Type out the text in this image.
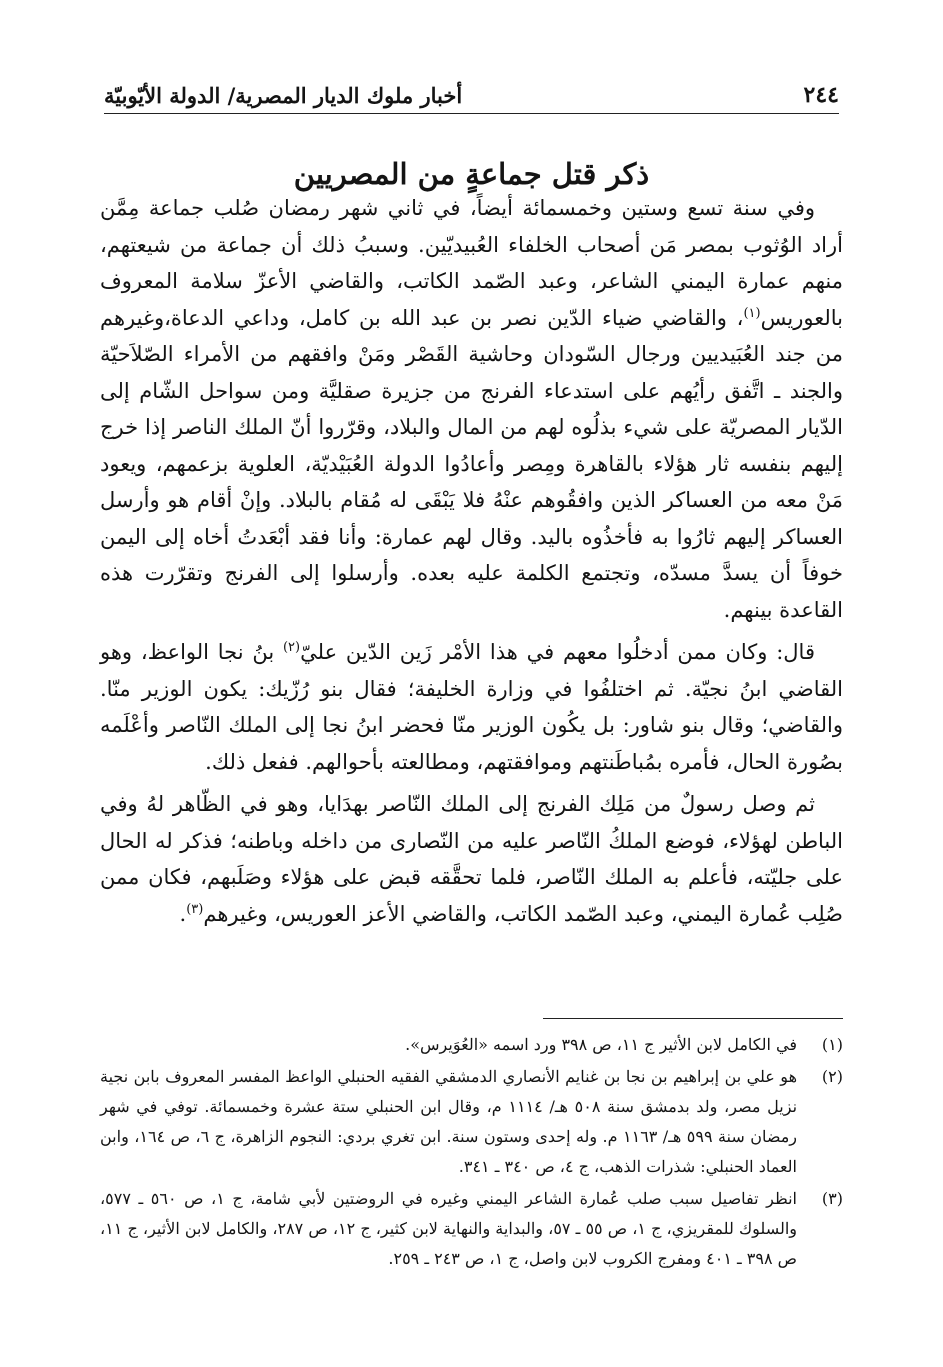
٢٤٤
أخبار ملوك الديار المصرية/ الدولة الأيّوبيّة
ذكر قتل جماعةٍ من المصريين

وفي سنة تسع وستين وخمسمائة أيضاً، في ثاني شهر رمضان صُلب جماعة مِمَّن أراد الوُثوب بمصر مَن أصحاب الخلفاء العُبيديّين. وسببُ ذلك أن جماعة من شيعتهم، منهم عمارة اليمني الشاعر، وعبد الصّمد الكاتب، والقاضي الأعزّ سلامة المعروف بالعوريس$^{(١)}$، والقاضي ضياء الدّين نصر بن عبد الله بن كامل، وداعي الدعاة،وغيرهم من جند العُبَيديين ورجال السّودان وحاشية القَصْر ومَنْ وافقهم من الأمراء الصّلاَحيّة والجند ـ اتَّفق رأيُهم على استدعاء الفرنج من جزيرة صقليَّة ومن سواحل الشّام إلى الدّيار المصريّة على شيء بذلُوه لهم من المال والبلاد، وقرّروا أنّ الملك الناصر إذا خرج إليهم بنفسه ثار هؤلاء بالقاهرة ومِصر وأعادُوا الدولة العُبَيْديّة، العلوية بزعمهم، ويعود مَنْ معه من العساكر الذين وافقُوهم عنْهُ فلا يَبْقَى له مُقام بالبلاد. وإنْ أقام هو وأرسل العساكر إليهم ثارُوا به فأخذُوه باليد. وقال لهم عمارة: وأنا فقد أبْعَدتُ أخاه إلى اليمن خوفاً أن يسدَّ مسدّه، وتجتمع الكلمة عليه بعده. وأرسلوا إلى الفرنج وتقرّرت هذه القاعدة بينهم.

قال: وكان ممن أدخلُوا معهم في هذا الأمْر زَين الدّين عليّ$^{(٢)}$ بنُ نجا الواعظ، وهو القاضي ابنُ نجيّة. ثم اختلفُوا في وزارة الخليفة؛ فقال بنو رُزّيك: يكون الوزير منّا. والقاضي؛ وقال بنو شاور: بل يكُون الوزير منّا فحضر ابنُ نجا إلى الملك النّاصر وأعْلَمه بصُورة الحال، فأمره بمُباطَنتهم وموافقتهم، ومطالعته بأحوالهم. ففعل ذلك.

ثم وصل رسولٌ من مَلِك الفرنج إلى الملك النّاصر بهدَايا، وهو في الظّاهر لهُ وفي الباطن لهؤلاء، فوضع الملكُ النّاصر عليه من النّصارى من داخله وباطنه؛ فذكر له الحال على جليّته، فأعلم به الملك النّاصر، فلما تحقَّقه قبض على هؤلاء وصَلَبهم، فكان ممن صُلِب عُمارة اليمني، وعبد الصّمد الكاتب، والقاضي الأعز العوريس، وغيرهم$^{(٣)}$.

(١)
في الكامل لابن الأثير ج ١١، ص ٣٩٨ ورد اسمه «العُوَيرس».
(٢)
هو علي بن إبراهيم بن نجا بن غنايم الأنصاري الدمشقي الفقيه الحنبلي الواعظ المفسر المعروف بابن نجية نزيل مصر، ولد بدمشق سنة ٥٠٨ هـ/ ١١١٤ م، وقال ابن الحنبلي ستة عشرة وخمسمائة. توفي في شهر رمضان سنة ٥٩٩ هـ/ ١١٦٣ م. وله إحدى وستون سنة. ابن تغري بردي: النجوم الزاهرة، ج ٦، ص ١٦٤، وابن العماد الحنبلي: شذرات الذهب، ج ٤، ص ٣٤٠ ـ ٣٤١.
(٣)
انظر تفاصيل سبب صلب عُمارة الشاعر اليمني وغيره في الروضتين لأبي شامة، ج ١، ص ٥٦٠ ـ ٥٧٧، والسلوك للمقريزي، ج ١، ص ٥٥ ـ ٥٧، والبداية والنهاية لابن كثير، ج ١٢، ص ٢٨٧، والكامل لابن الأثير، ج ١١، ص ٣٩٨ ـ ٤٠١ ومفرج الكروب لابن واصل، ج ١، ص ٢٤٣ ـ ٢٥٩.
